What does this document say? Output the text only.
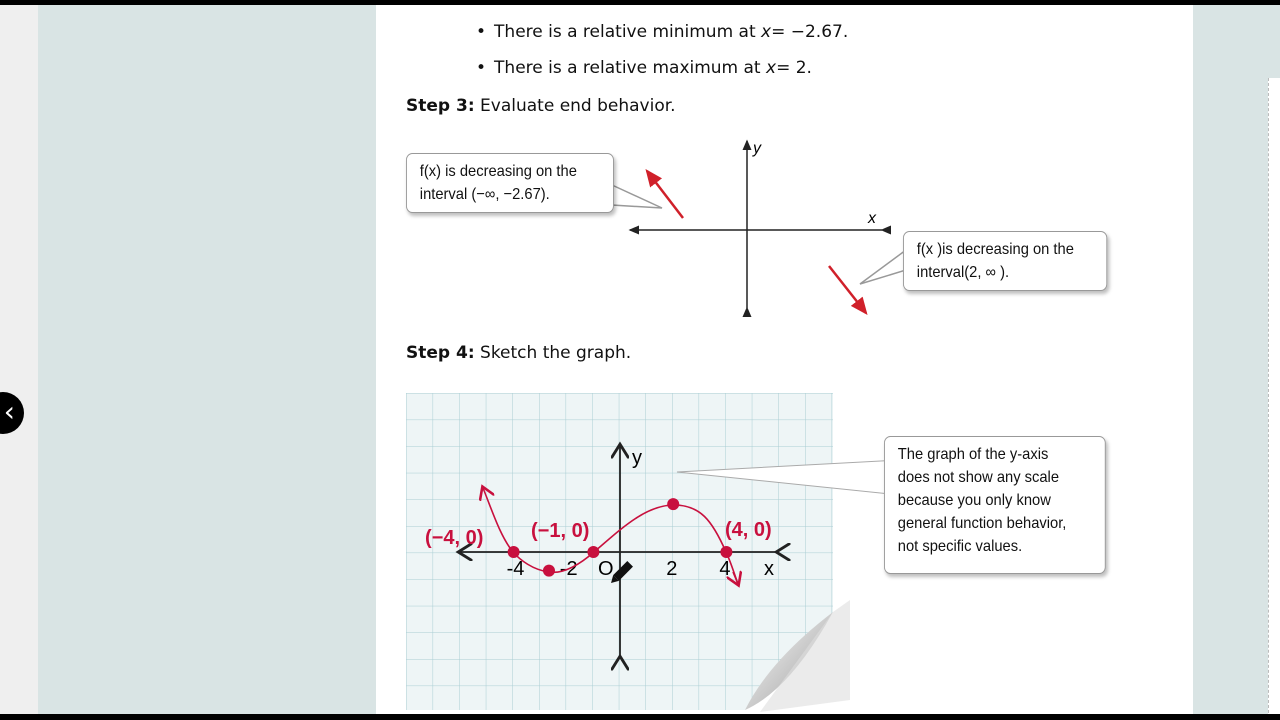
‹
• There is a relative minimum at x= −2.67.
• There is a relative maximum at x= 2.
Step 3: Evaluate end behavior.
Step 4: Sketch the graph.
y
x
y
x
O
-4 -2	2 4
(−4, 0) (−1, 0)	(4, 0)
f(x) is decreasing on the
interval (−∞, −2.67).
f(x )is decreasing on the
interval(2, ∞ ).
The graph of the y-axis
does not show any scale
because you only know
general function behavior,
not specific values.
